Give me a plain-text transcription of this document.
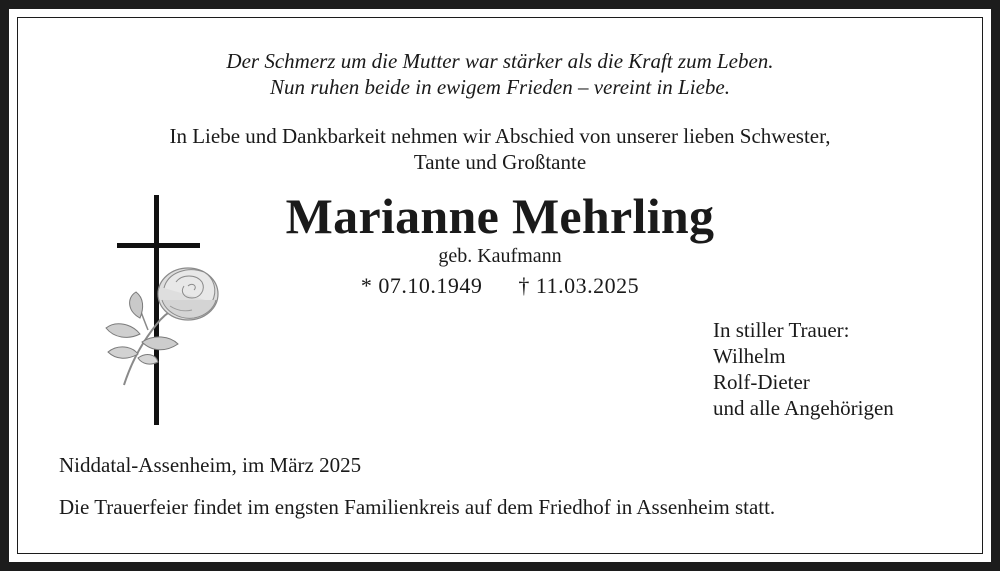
Der Schmerz um die Mutter war stärker als die Kraft zum Leben.
Nun ruhen beide in ewigem Frieden – vereint in Liebe.
In Liebe und Dankbarkeit nehmen wir Abschied von unserer lieben Schwester,
Tante und Großtante
Marianne Mehrling
geb. Kaufmann
* 07.10.1949 † 11.03.2025
In stiller Trauer:
Wilhelm
Rolf-Dieter
und alle Angehörigen
Niddatal-Assenheim, im März 2025
Die Trauerfeier findet im engsten Familienkreis auf dem Friedhof in Assenheim statt.
